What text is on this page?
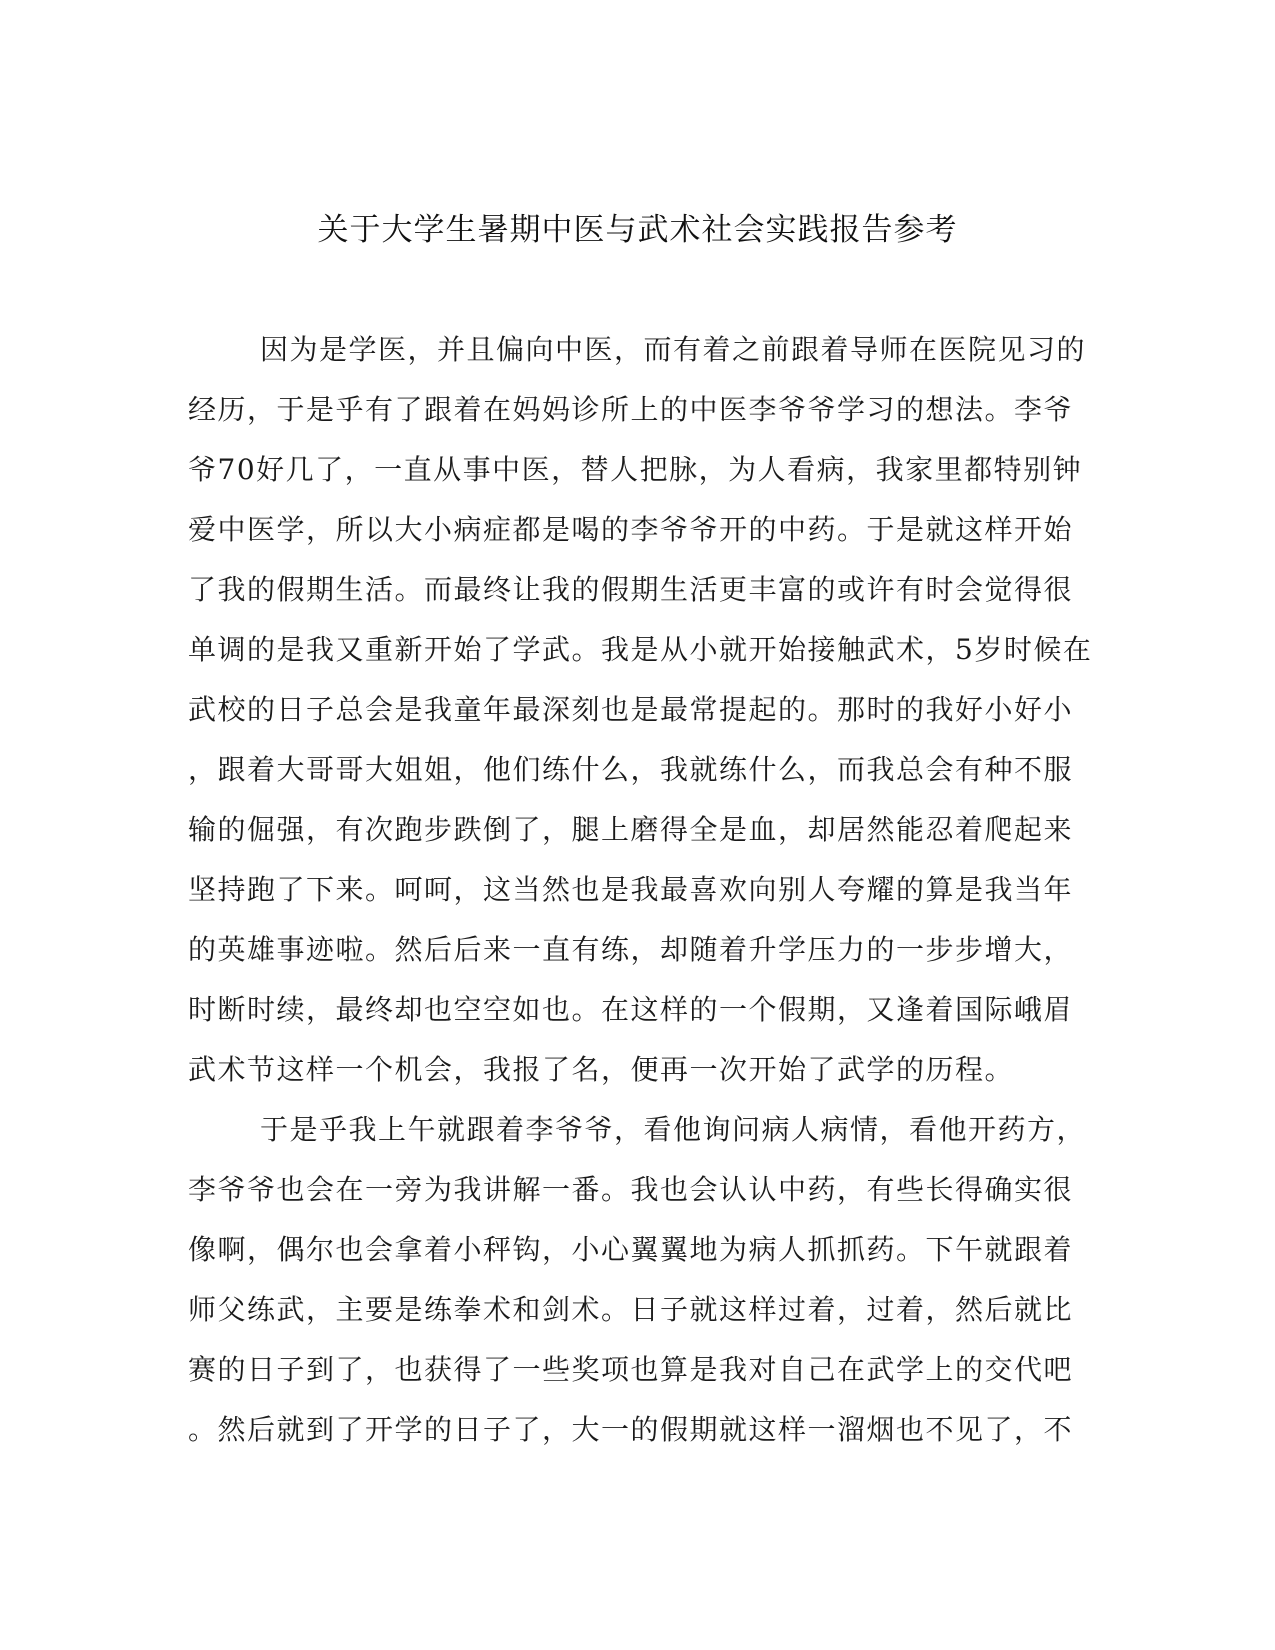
关于大学生暑期中医与武术社会实践报告参考
因为是学医，并且偏向中医，而有着之前跟着导师在医院见习的
经历，于是乎有了跟着在妈妈诊所上的中医李爷爷学习的想法。李爷
爷70好几了，一直从事中医，替人把脉，为人看病，我家里都特别钟
爱中医学，所以大小病症都是喝的李爷爷开的中药。于是就这样开始
了我的假期生活。而最终让我的假期生活更丰富的或许有时会觉得很
单调的是我又重新开始了学武。我是从小就开始接触武术，5岁时候在
武校的日子总会是我童年最深刻也是最常提起的。那时的我好小好小
，跟着大哥哥大姐姐，他们练什么，我就练什么，而我总会有种不服
输的倔强，有次跑步跌倒了，腿上磨得全是血，却居然能忍着爬起来
坚持跑了下来。呵呵，这当然也是我最喜欢向别人夸耀的算是我当年
的英雄事迹啦。然后后来一直有练，却随着升学压力的一步步增大，
时断时续，最终却也空空如也。在这样的一个假期，又逢着国际峨眉
武术节这样一个机会，我报了名，便再一次开始了武学的历程。
于是乎我上午就跟着李爷爷，看他询问病人病情，看他开药方，
李爷爷也会在一旁为我讲解一番。我也会认认中药，有些长得确实很
像啊，偶尔也会拿着小秤钩，小心翼翼地为病人抓抓药。下午就跟着
师父练武，主要是练拳术和剑术。日子就这样过着，过着，然后就比
赛的日子到了，也获得了一些奖项也算是我对自己在武学上的交代吧
。然后就到了开学的日子了，大一的假期就这样一溜烟也不见了，不
